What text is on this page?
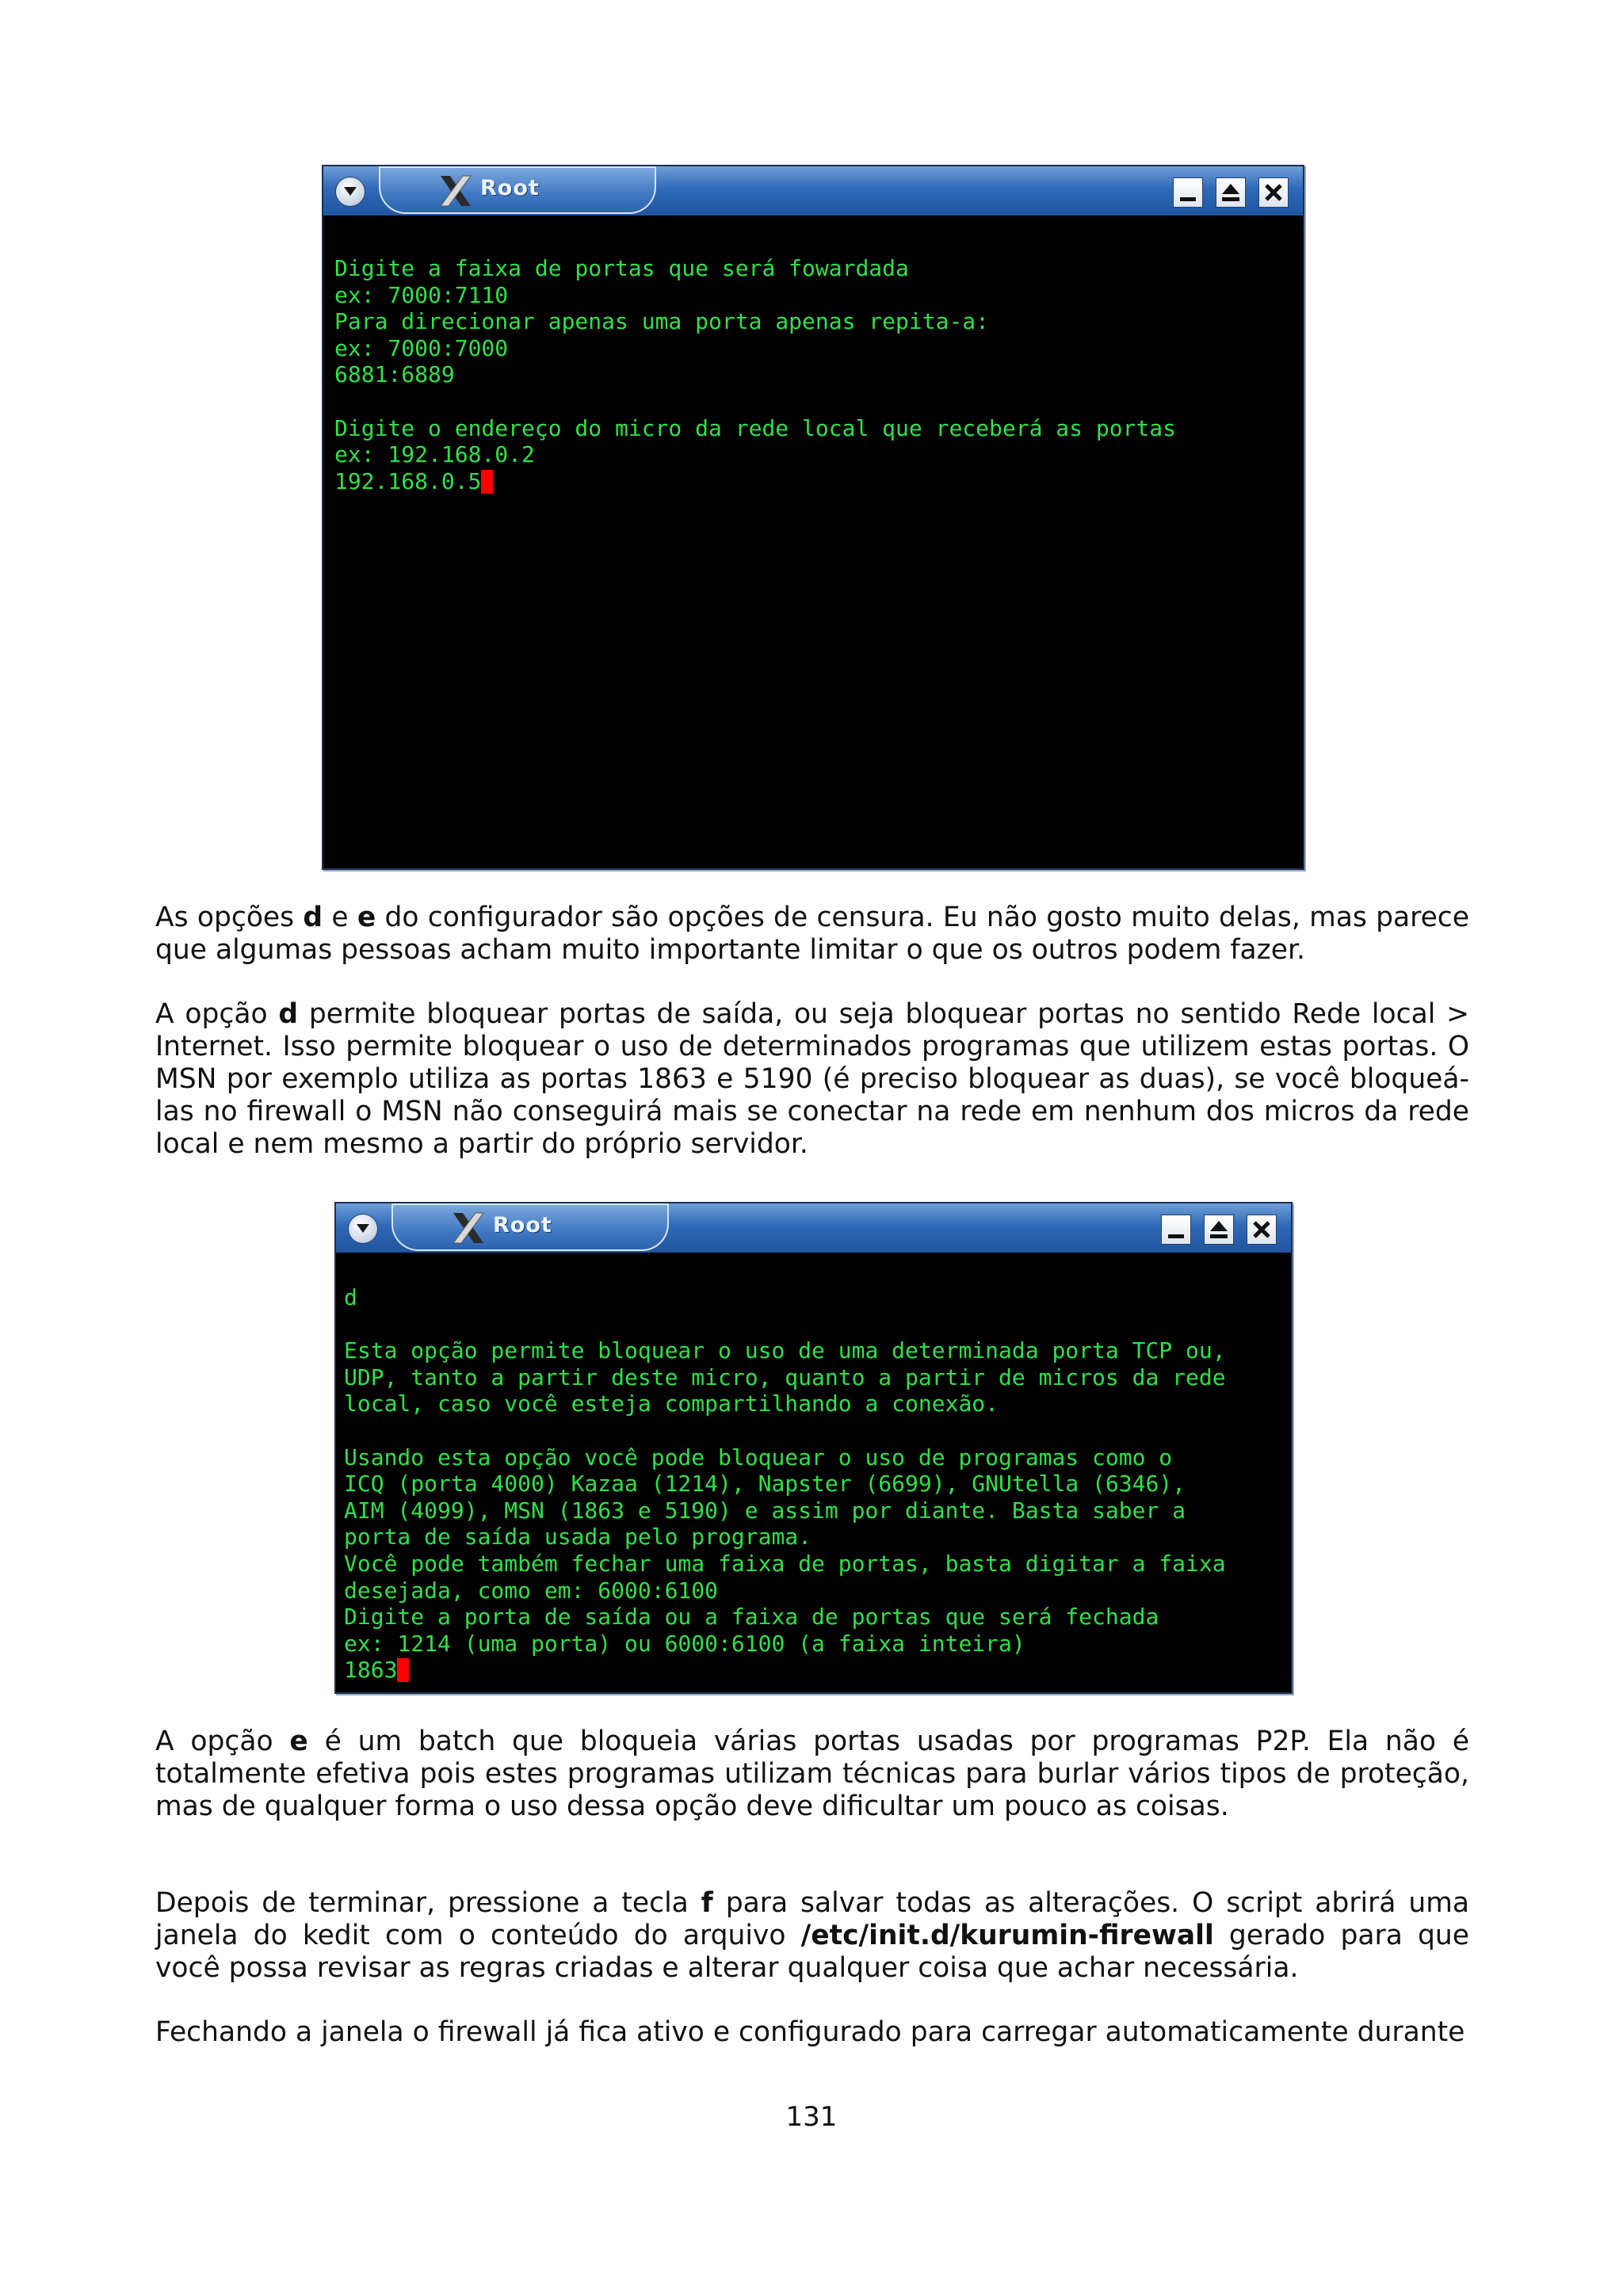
Root
Digite a faixa de portas que será fowardada
ex: 7000:7110
Para direcionar apenas uma porta apenas repita-a:
ex: 7000:7000
6881:6889
Digite o endereço do micro da rede local que receberá as portas
ex: 192.168.0.2
192.168.0.5
As opções d e e do configurador são opções de censura. Eu não gosto muito delas, mas parece que algumas pessoas acham muito importante limitar o que os outros podem fazer.
A opção d permite bloquear portas de saída, ou seja bloquear portas no sentido Rede local > Internet. Isso permite bloquear o uso de determinados programas que utilizem estas portas. O MSN por exemplo utiliza as portas 1863 e 5190 (é preciso bloquear as duas), se você bloqueá-las no firewall o MSN não conseguirá mais se conectar na rede em nenhum dos micros da rede local e nem mesmo a partir do próprio servidor.
Root
d
Esta opção permite bloquear o uso de uma determinada porta TCP ou,
UDP, tanto a partir deste micro, quanto a partir de micros da rede
local, caso você esteja compartilhando a conexão.
Usando esta opção você pode bloquear o uso de programas como o
ICQ (porta 4000) Kazaa (1214), Napster (6699), GNUtella (6346),
AIM (4099), MSN (1863 e 5190) e assim por diante. Basta saber a
porta de saída usada pelo programa.
Você pode também fechar uma faixa de portas, basta digitar a faixa
desejada, como em: 6000:6100
Digite a porta de saída ou a faixa de portas que será fechada
ex: 1214 (uma porta) ou 6000:6100 (a faixa inteira)
1863
A opção e é um batch que bloqueia várias portas usadas por programas P2P. Ela não é totalmente efetiva pois estes programas utilizam técnicas para burlar vários tipos de proteção, mas de qualquer forma o uso dessa opção deve dificultar um pouco as coisas.
Depois de terminar, pressione a tecla f para salvar todas as alterações. O script abrirá uma janela do kedit com o conteúdo do arquivo /etc/init.d/kurumin-firewall gerado para que você possa revisar as regras criadas e alterar qualquer coisa que achar necessária.
Fechando a janela o firewall já fica ativo e configurado para carregar automaticamente durante
131
